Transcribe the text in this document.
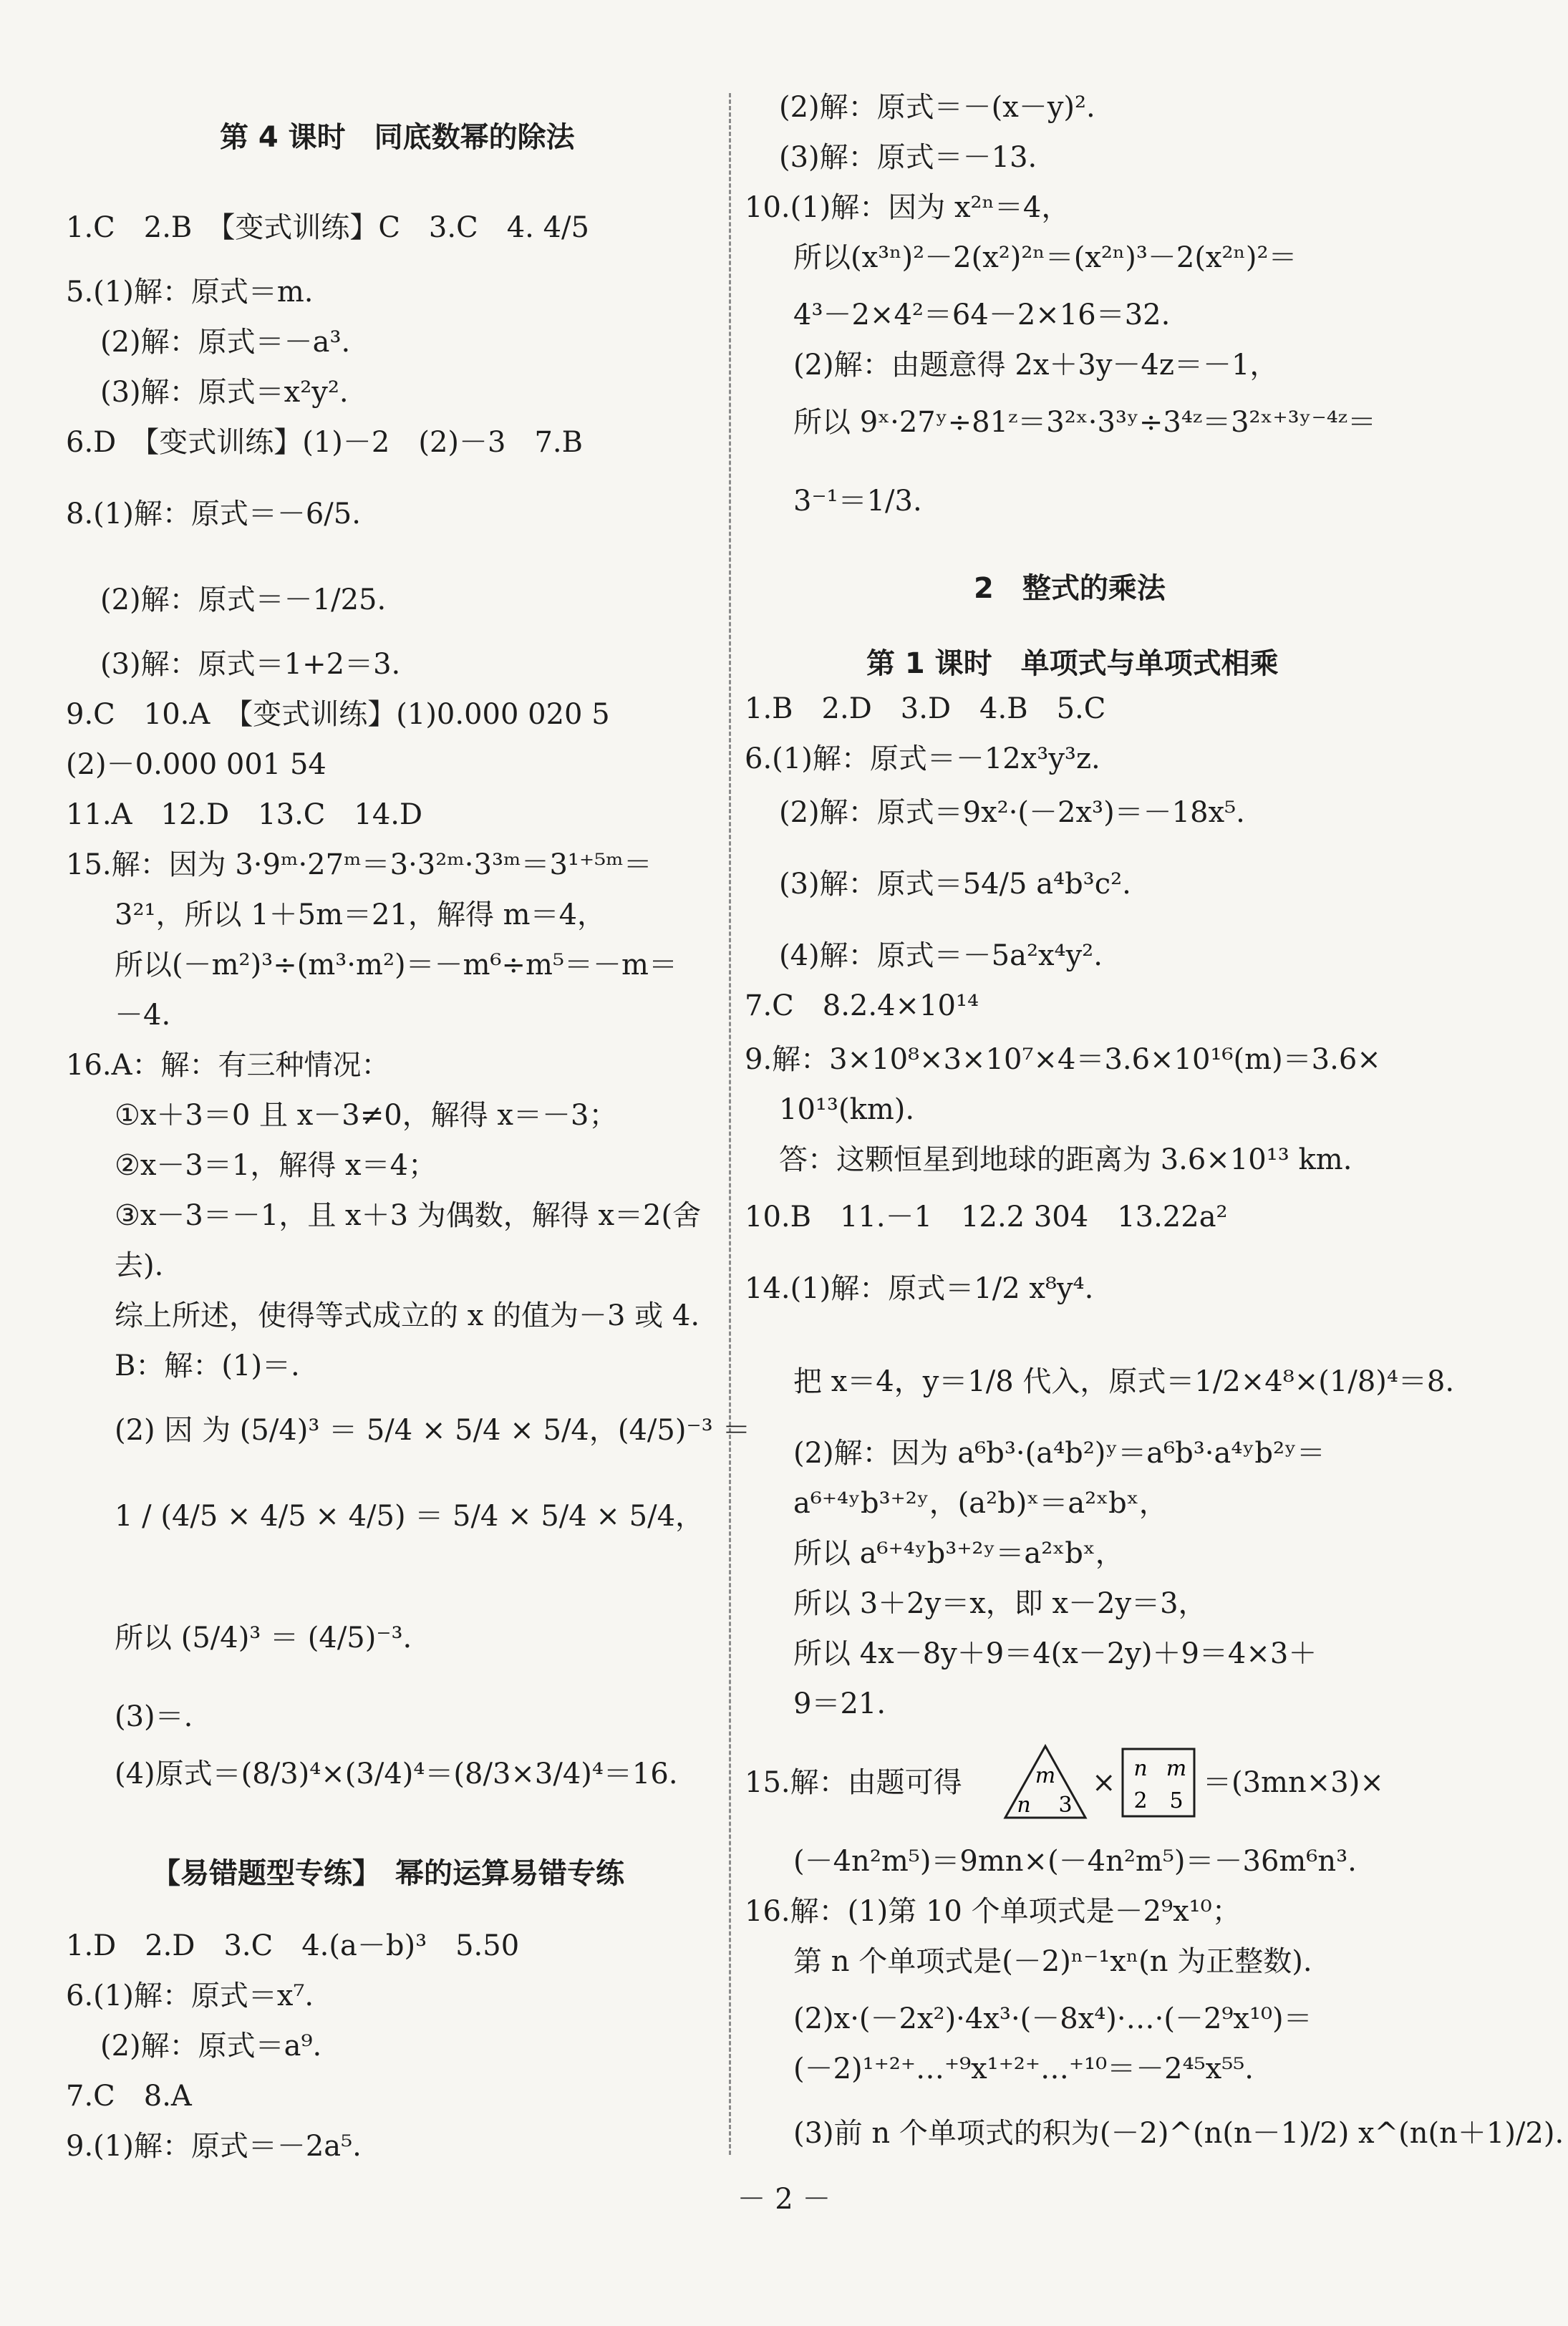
第 4 课时　同底数幂的除法
1.C　2.B　【变式训练】C　3.C　4. 4/5
5.(1)解：原式＝m.
(2)解：原式＝－a³.
(3)解：原式＝x²y².
6.D　【变式训练】(1)－2　(2)－3　7.B
8.(1)解：原式＝－6/5.
(2)解：原式＝－1/25.
(3)解：原式＝1+2＝3.
9.C　10.A　【变式训练】(1)0.000 020 5
(2)－0.000 001 54
11.A　12.D　13.C　14.D
15.解：因为 3·9ᵐ·27ᵐ＝3·3²ᵐ·3³ᵐ＝3¹⁺⁵ᵐ＝
3²¹，所以 1＋5m＝21，解得 m＝4，
所以(－m²)³÷(m³·m²)＝－m⁶÷m⁵＝－m＝
－4.
16.A：解：有三种情况：
①x＋3＝0 且 x－3≠0，解得 x＝－3；
②x－3＝1，解得 x＝4；
③x－3＝－1，且 x＋3 为偶数，解得 x＝2(舍
去).
综上所述，使得等式成立的 x 的值为－3 或 4.
B：解：(1)＝.
(2) 因 为 (5/4)³ ＝ 5/4 × 5/4 × 5/4，(4/5)⁻³ ＝
1 / (4/5 × 4/5 × 4/5) ＝ 5/4 × 5/4 × 5/4，
所以 (5/4)³ ＝ (4/5)⁻³.
(3)＝.
(4)原式＝(8/3)⁴×(3/4)⁴＝(8/3×3/4)⁴＝16.
【易错题型专练】　幂的运算易错专练
1.D　2.D　3.C　4.(a－b)³　5.50
6.(1)解：原式＝x⁷.
(2)解：原式＝a⁹.
7.C　8.A
9.(1)解：原式＝－2a⁵.
(2)解：原式＝－(x－y)².
(3)解：原式＝－13.
10.(1)解：因为 x²ⁿ＝4，
所以(x³ⁿ)²－2(x²)²ⁿ＝(x²ⁿ)³－2(x²ⁿ)²＝
4³－2×4²＝64－2×16＝32.
(2)解：由题意得 2x＋3y－4z＝－1，
所以 9ˣ·27ʸ÷81ᶻ＝3²ˣ·3³ʸ÷3⁴ᶻ＝3²ˣ⁺³ʸ⁻⁴ᶻ＝
3⁻¹＝1/3.
2　整式的乘法
第 1 课时　单项式与单项式相乘
1.B　2.D　3.D　4.B　5.C
6.(1)解：原式＝－12x³y³z.
(2)解：原式＝9x²·(－2x³)＝－18x⁵.
(3)解：原式＝54/5 a⁴b³c².
(4)解：原式＝－5a²x⁴y².
7.C　8.2.4×10¹⁴
9.解：3×10⁸×3×10⁷×4＝3.6×10¹⁶(m)＝3.6×
10¹³(km).
答：这颗恒星到地球的距离为 3.6×10¹³ km.
10.B　11.－1　12.2 304　13.22a²
14.(1)解：原式＝1/2 x⁸y⁴.
把 x＝4，y＝1/8 代入，原式＝1/2×4⁸×(1/8)⁴＝8.
(2)解：因为 a⁶b³·(a⁴b²)ʸ＝a⁶b³·a⁴ʸb²ʸ＝
a⁶⁺⁴ʸb³⁺²ʸ，(a²b)ˣ＝a²ˣbˣ，
所以 a⁶⁺⁴ʸb³⁺²ʸ＝a²ˣbˣ，
所以 3＋2y＝x，即 x－2y＝3，
所以 4x－8y＋9＝4(x－2y)＋9＝4×3＋
9＝21.
15.解：由题可得	m
n 3
× n m
2 5
＝(3mn×3)×
(－4n²m⁵)＝9mn×(－4n²m⁵)＝－36m⁶n³.
16.解：(1)第 10 个单项式是－2⁹x¹⁰；
第 n 个单项式是(－2)ⁿ⁻¹xⁿ(n 为正整数).
(2)x·(－2x²)·4x³·(－8x⁴)·…·(－2⁹x¹⁰)＝
(－2)¹⁺²⁺…⁺⁹x¹⁺²⁺…⁺¹⁰＝－2⁴⁵x⁵⁵.
(3)前 n 个单项式的积为(－2)^(n(n－1)/2) x^(n(n＋1)/2).
－ 2 －
